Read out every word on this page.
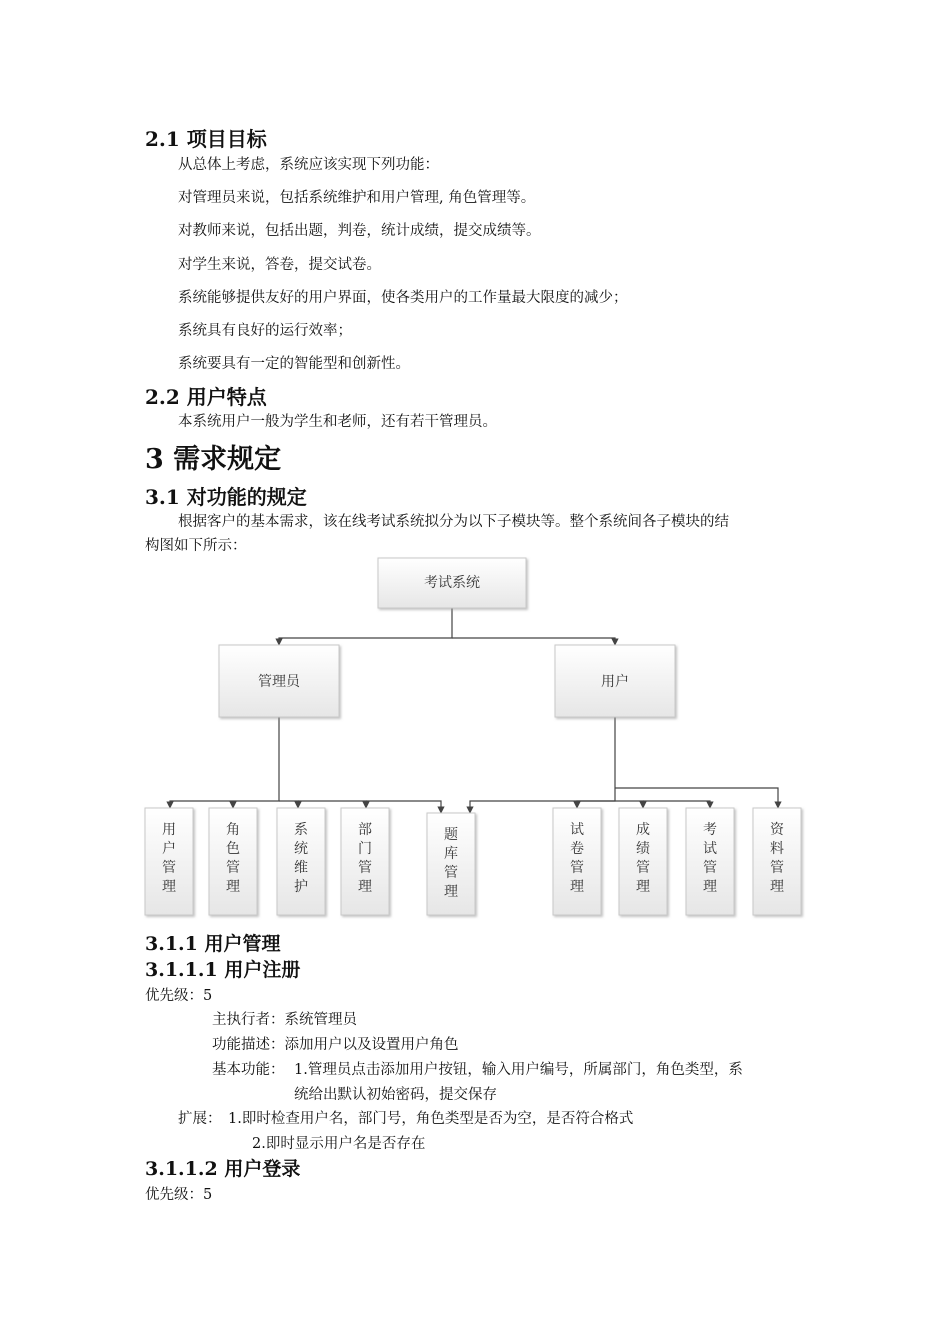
2.1 项目目标
从总体上考虑，系统应该实现下列功能：
对管理员来说，包括系统维护和用户管理, 角色管理等。
对教师来说，包括出题，判卷，统计成绩，提交成绩等。
对学生来说，答卷，提交试卷。
系统能够提供友好的用户界面，使各类用户的工作量最大限度的减少；
系统具有良好的运行效率；
系统要具有一定的智能型和创新性。
2.2 用户特点
本系统用户一般为学生和老师，还有若干管理员。
3 需求规定
3.1 对功能的规定
根据客户的基本需求，该在线考试系统拟分为以下子模块等。整个系统间各子模块的结
构图如下所示：
考试系统
管理员	用户
用户管理
角色管理
系统维护
部门管理
题库管理
试卷管理
成绩管理
考试管理
资料管理
3.1.1 用户管理
3.1.1.1 用户注册
优先级：5
主执行者：系统管理员
功能描述：添加用户以及设置用户角色
基本功能： 1.管理员点击添加用户按钮，输入用户编号，所属部门，角色类型，系
统给出默认初始密码，提交保存
扩展： 1.即时检查用户名，部门号，角色类型是否为空，是否符合格式
2.即时显示用户名是否存在
3.1.1.2 用户登录
优先级：5
